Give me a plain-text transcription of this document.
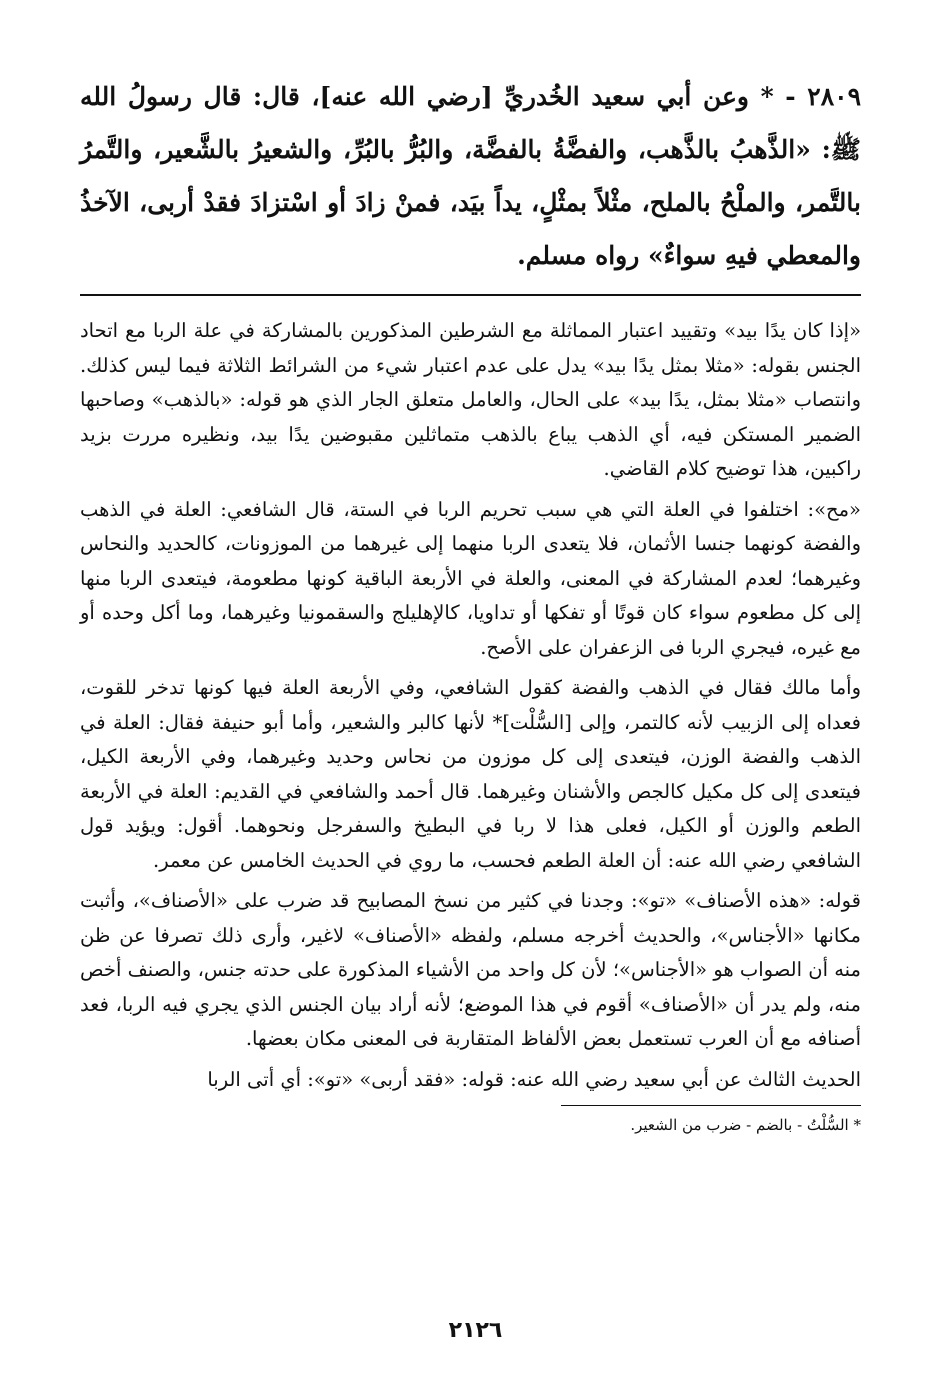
٢٨٠٩ - * وعن أبي سعيد الخُدريِّ [رضي الله عنه]، قال: قال رسولُ الله ﷺ: «الذَّهبُ بالذَّهب، والفضَّةُ بالفضَّة، والبُرُّ بالبُرِّ، والشعيرُ بالشَّعير، والتَّمرُ بالتَّمر، والملْحُ بالملح، مثْلاً بمثْلٍ، يداً بيَد، فمنْ زادَ أو اسْتزادَ فقدْ أربى، الآخذُ والمعطي فيهِ سواءٌ» رواه مسلم.

«إذا كان يدًا بيد» وتقييد اعتبار المماثلة مع الشرطين المذكورين بالمشاركة في علة الربا مع اتحاد الجنس بقوله: «مثلا بمثل يدًا بيد» يدل على عدم اعتبار شيء من الشرائط الثلاثة فيما ليس كذلك. وانتصاب «مثلا بمثل، يدًا بيد» على الحال، والعامل متعلق الجار الذي هو قوله: «بالذهب» وصاحبها الضمير المستكن فيه، أي الذهب يباع بالذهب متماثلين مقبوضين يدًا بيد، ونظيره مررت بزيد راكبين، هذا توضيح كلام القاضي.

«مح»: اختلفوا في العلة التي هي سبب تحريم الربا في الستة، قال الشافعي: العلة في الذهب والفضة كونهما جنسا الأثمان، فلا يتعدى الربا منهما إلى غيرهما من الموزونات، كالحديد والنحاس وغيرهما؛ لعدم المشاركة في المعنى، والعلة في الأربعة الباقية كونها مطعومة، فيتعدى الربا منها إلى كل مطعوم سواء كان قوتًا أو تفكها أو تداويا، كالإهليلج والسقمونيا وغيرهما، وما أكل وحده أو مع غيره، فيجري الربا فى الزعفران على الأصح.

وأما مالك فقال في الذهب والفضة كقول الشافعي، وفي الأربعة العلة فيها كونها تدخر للقوت، فعداه إلى الزبيب لأنه كالتمر، وإلى [السُّلْت]* لأنها كالبر والشعير، وأما أبو حنيفة فقال: العلة في الذهب والفضة الوزن، فيتعدى إلى كل موزون من نحاس وحديد وغيرهما، وفي الأربعة الكيل، فيتعدى إلى كل مكيل كالجص والأشنان وغيرهما. قال أحمد والشافعي في القديم: العلة في الأربعة الطعم والوزن أو الكيل، فعلى هذا لا ربا في البطيخ والسفرجل ونحوهما. أقول: ويؤيد قول الشافعي رضي الله عنه: أن العلة الطعم فحسب، ما روي في الحديث الخامس عن معمر.

قوله: «هذه الأصناف» «تو»: وجدنا في كثير من نسخ المصابيح قد ضرب على «الأصناف»، وأثبت مكانها «الأجناس»، والحديث أخرجه مسلم، ولفظه «الأصناف» لاغير، وأرى ذلك تصرفا عن ظن منه أن الصواب هو «الأجناس»؛ لأن كل واحد من الأشياء المذكورة على حدته جنس، والصنف أخص منه، ولم يدر أن «الأصناف» أقوم في هذا الموضع؛ لأنه أراد بيان الجنس الذي يجري فيه الربا، فعد أصنافه مع أن العرب تستعمل بعض الألفاظ المتقاربة فى المعنى مكان بعضها.

الحديث الثالث عن أبي سعيد رضي الله عنه: قوله: «فقد أربى» «تو»: أي أتى الربا

* السُّلْتُ - بالضم - ضرب من الشعير.

٢١٢٦
